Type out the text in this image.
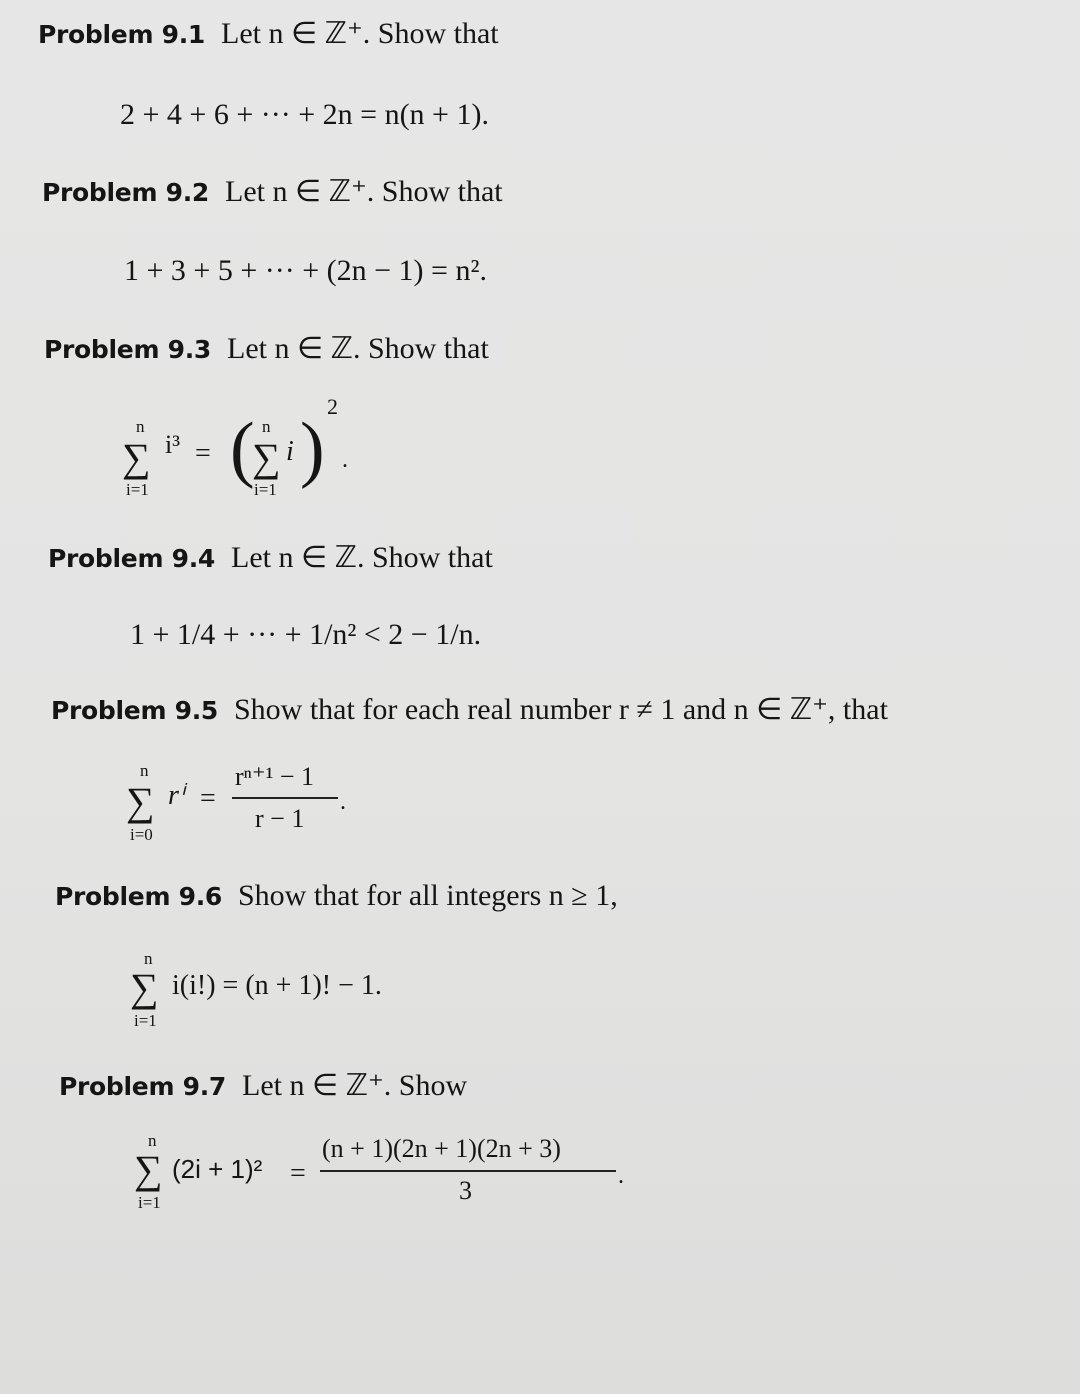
Problem 9.1 Let n ∈ ℤ⁺. Show that
2 + 4 + 6 + ··· + 2n = n(n + 1).
Problem 9.2 Let n ∈ ℤ⁺. Show that
1 + 3 + 5 + ··· + (2n − 1) = n².
Problem 9.3 Let n ∈ ℤ. Show that
n
∑
i=1
i³ = ( n
∑
i=1
i )
2
.
Problem 9.4 Let n ∈ ℤ. Show that
1 + 1/4 + ··· + 1/n² < 2 − 1/n.
Problem 9.5 Show that for each real number r ≠ 1 and n ∈ ℤ⁺, that
n
∑
i=0
rⁱ =
rⁿ⁺¹ − 1
r − 1
.
Problem 9.6 Show that for all integers n ≥ 1,
n
∑
i=1
i(i!) = (n + 1)! − 1.
Problem 9.7 Let n ∈ ℤ⁺. Show
n
∑
i=1
(2i + 1)² =
(n + 1)(2n + 1)(2n + 3)
3	.
